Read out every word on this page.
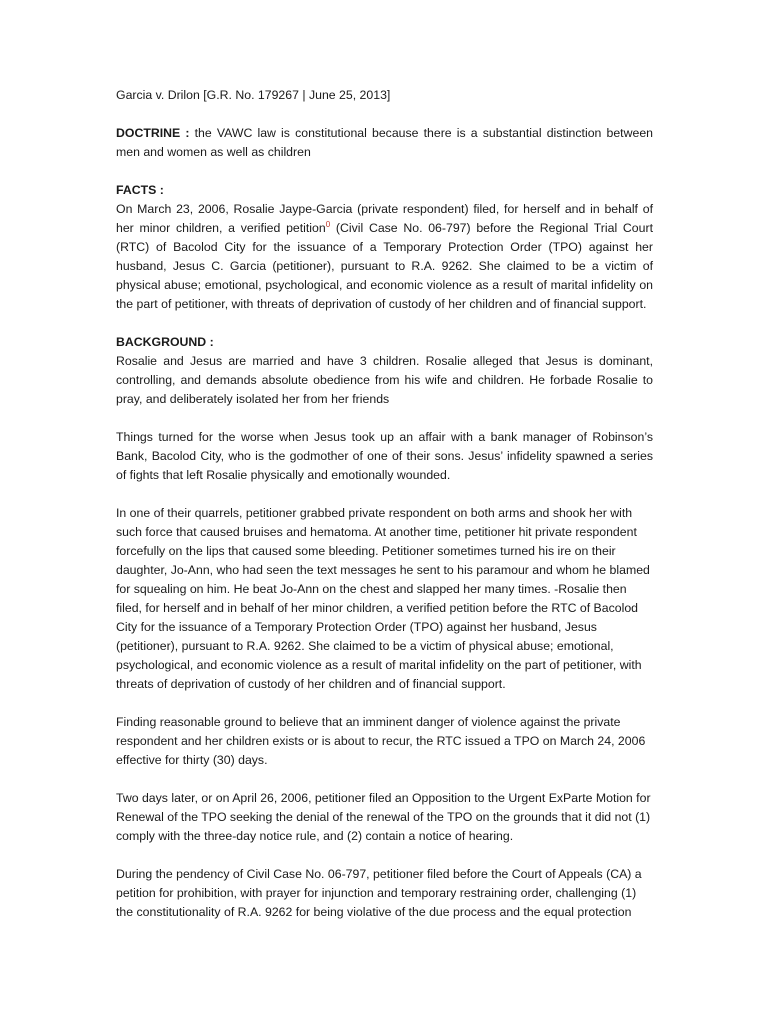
Garcia v. Drilon [G.R. No. 179267 | June 25, 2013]

DOCTRINE : the VAWC law is constitutional because there is a substantial distinction between men and women as well as children

FACTS :

On March 23, 2006, Rosalie Jaype-Garcia (private respondent) filed, for herself and in behalf of her minor children, a verified petition$^0$ (Civil Case No. 06-797) before the Regional Trial Court (RTC) of Bacolod City for the issuance of a Temporary Protection Order (TPO) against her husband, Jesus C. Garcia (petitioner), pursuant to R.A. 9262. She claimed to be a victim of physical abuse; emotional, psychological, and economic violence as a result of marital infidelity on the part of petitioner, with threats of deprivation of custody of her children and of financial support.

BACKGROUND :

Rosalie and Jesus are married and have 3 children. Rosalie alleged that Jesus is dominant, controlling, and demands absolute obedience from his wife and children. He forbade Rosalie to pray, and deliberately isolated her from her friends

Things turned for the worse when Jesus took up an affair with a bank manager of Robinson’s Bank, Bacolod City, who is the godmother of one of their sons. Jesus’ infidelity spawned a series of fights that left Rosalie physically and emotionally wounded.

In one of their quarrels, petitioner grabbed private respondent on both arms and shook her with such force that caused bruises and hematoma. At another time, petitioner hit private respondent forcefully on the lips that caused some bleeding. Petitioner sometimes turned his ire on their daughter, Jo-Ann, who had seen the text messages he sent to his paramour and whom he blamed for squealing on him. He beat Jo-Ann on the chest and slapped her many times. -Rosalie then filed, for herself and in behalf of her minor children, a verified petition before the RTC of Bacolod City for the issuance of a Temporary Protection Order (TPO) against her husband, Jesus (petitioner), pursuant to R.A. 9262. She claimed to be a victim of physical abuse; emotional, psychological, and economic violence as a result of marital infidelity on the part of petitioner, with threats of deprivation of custody of her children and of financial support.

Finding reasonable ground to believe that an imminent danger of violence against the private respondent and her children exists or is about to recur, the RTC issued a TPO on March 24, 2006 effective for thirty (30) days.

Two days later, or on April 26, 2006, petitioner filed an Opposition to the Urgent ExParte Motion for Renewal of the TPO seeking the denial of the renewal of the TPO on the grounds that it did not (1) comply with the three-day notice rule, and (2) contain a notice of hearing.

During the pendency of Civil Case No. 06-797, petitioner filed before the Court of Appeals (CA) a petition for prohibition, with prayer for injunction and temporary restraining order, challenging (1) the constitutionality of R.A. 9262 for being violative of the due process and the equal protection
